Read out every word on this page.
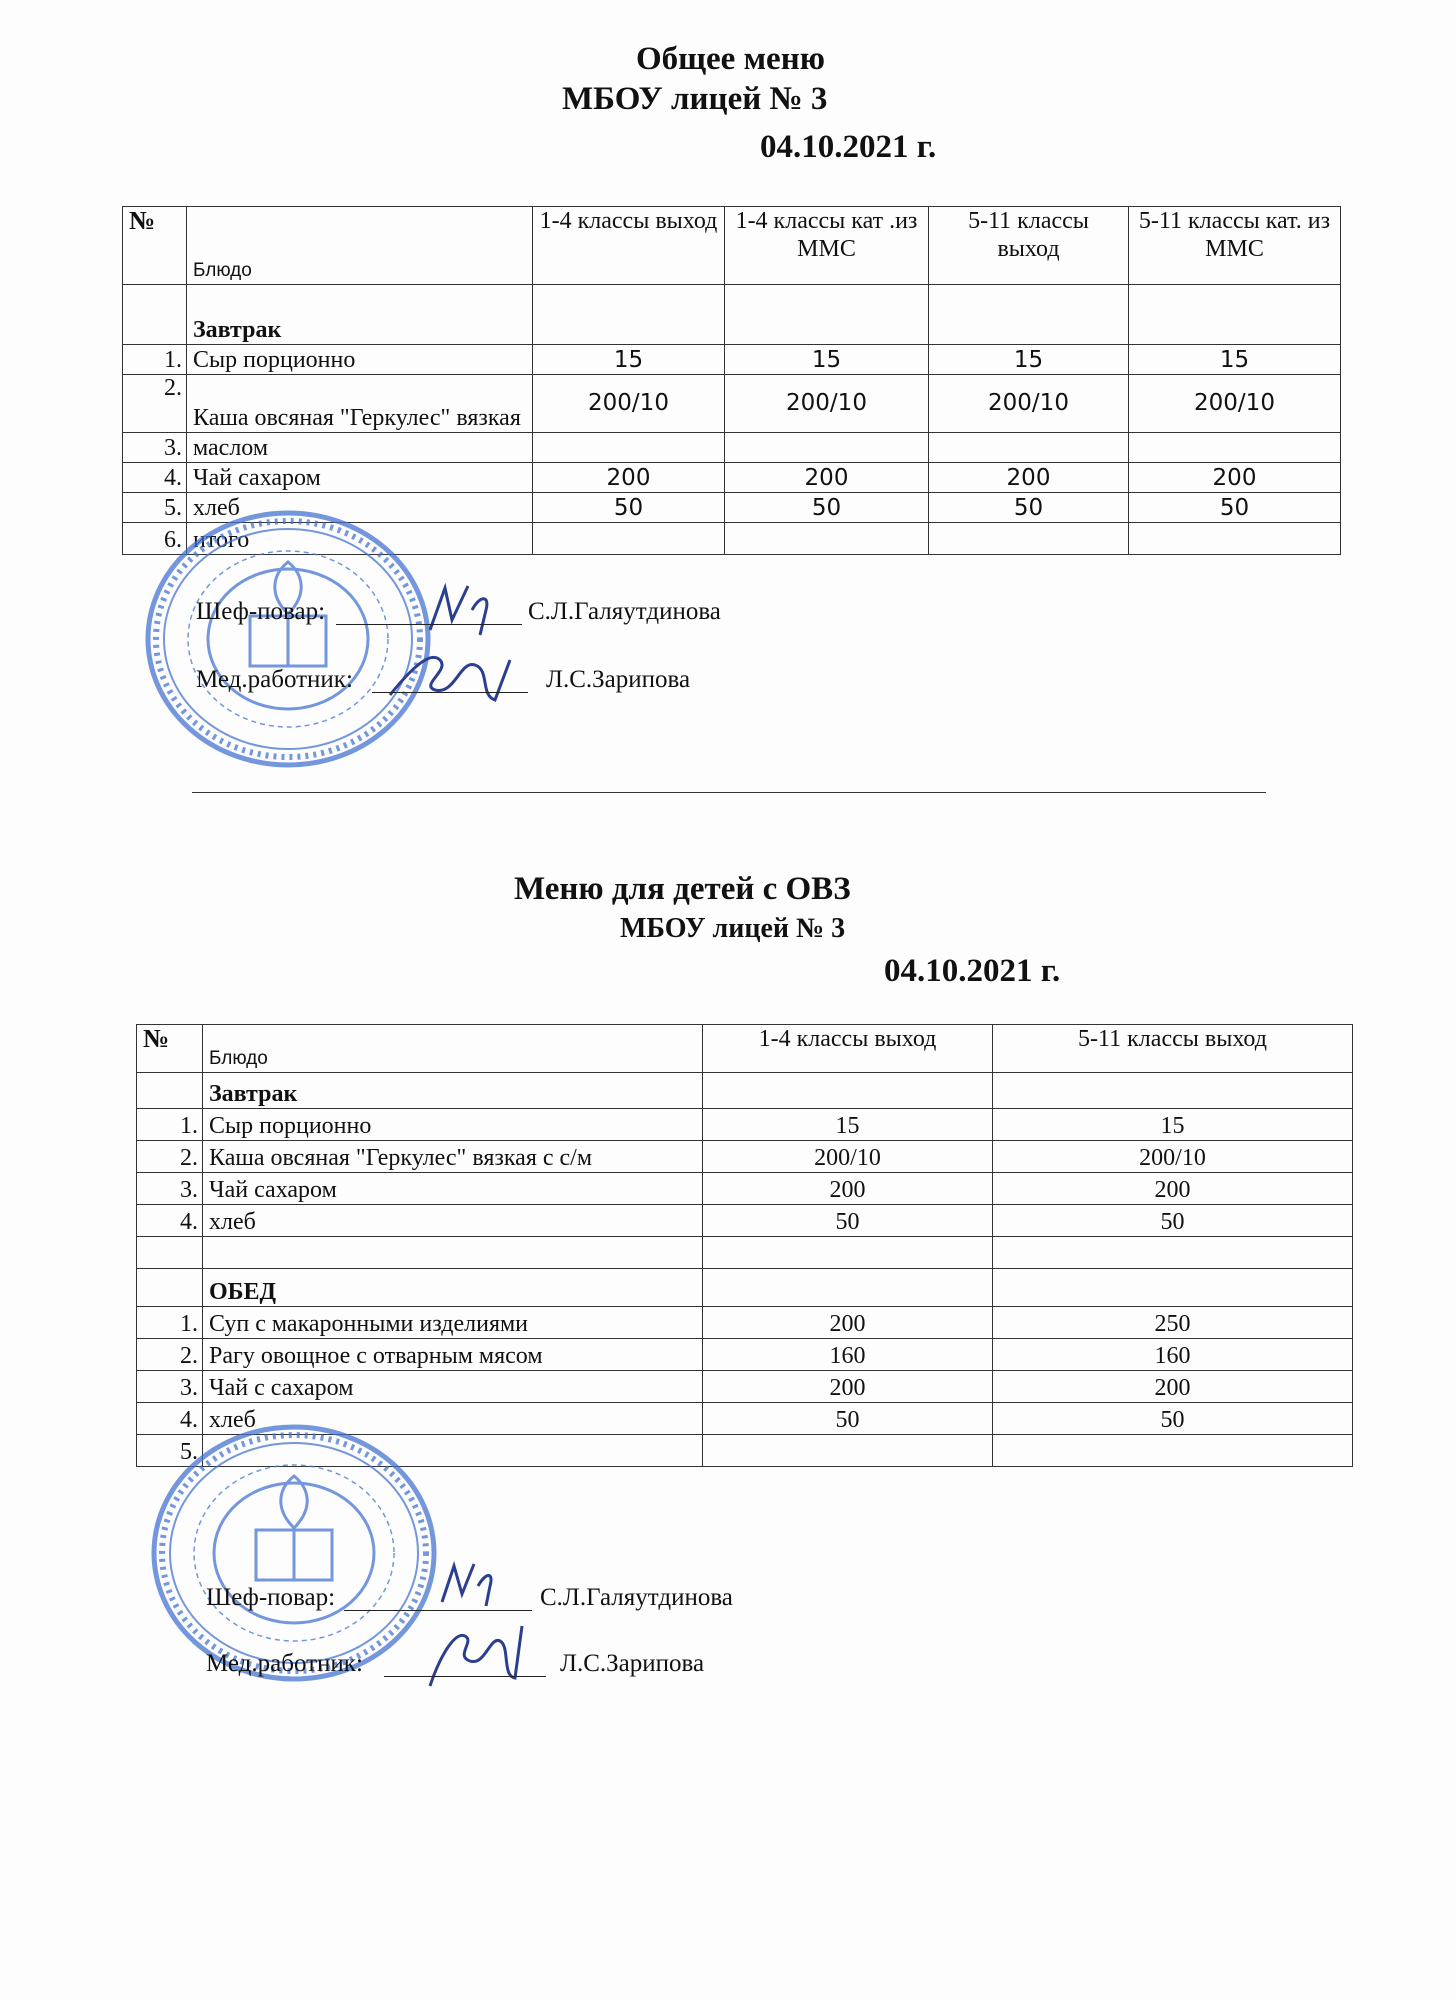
Общее меню
МБОУ лицей № 3
04.10.2021 г.
№	Блюдо	1-4 классы выход	1-4 классы кат .из ММС	5-11 классы выход	5-11 классы кат. из ММС
	Завтрак				
1.	Сыр порционно	15	15	15	15
2.	Каша овсяная "Геркулес" вязкая	200/10	200/10	200/10	200/10
3.	маслом				
4.	Чай сахаром	200	200	200	200
5.	хлеб	50	50	50	50
6.	итого				
Шеф-повар:	С.Л.Галяутдинова
Мед.работник:	Л.С.Зарипова
Меню для детей с ОВЗ
МБОУ лицей № 3
04.10.2021 г.
№	Блюдо	1-4 классы выход	5-11 классы выход
	Завтрак		
1.	Сыр порционно	15	15
2.	Каша овсяная "Геркулес" вязкая с с/м	200/10	200/10
3.	Чай сахаром	200	200
4.	хлеб	50	50

	ОБЕД		
1.	Суп с макаронными изделиями	200	250
2.	Рагу овощное с отварным мясом	160	160
3.	Чай с сахаром	200	200
4.	хлеб	50	50
5.			
Шеф-повар:	С.Л.Галяутдинова
Мед.работник:	Л.С.Зарипова
